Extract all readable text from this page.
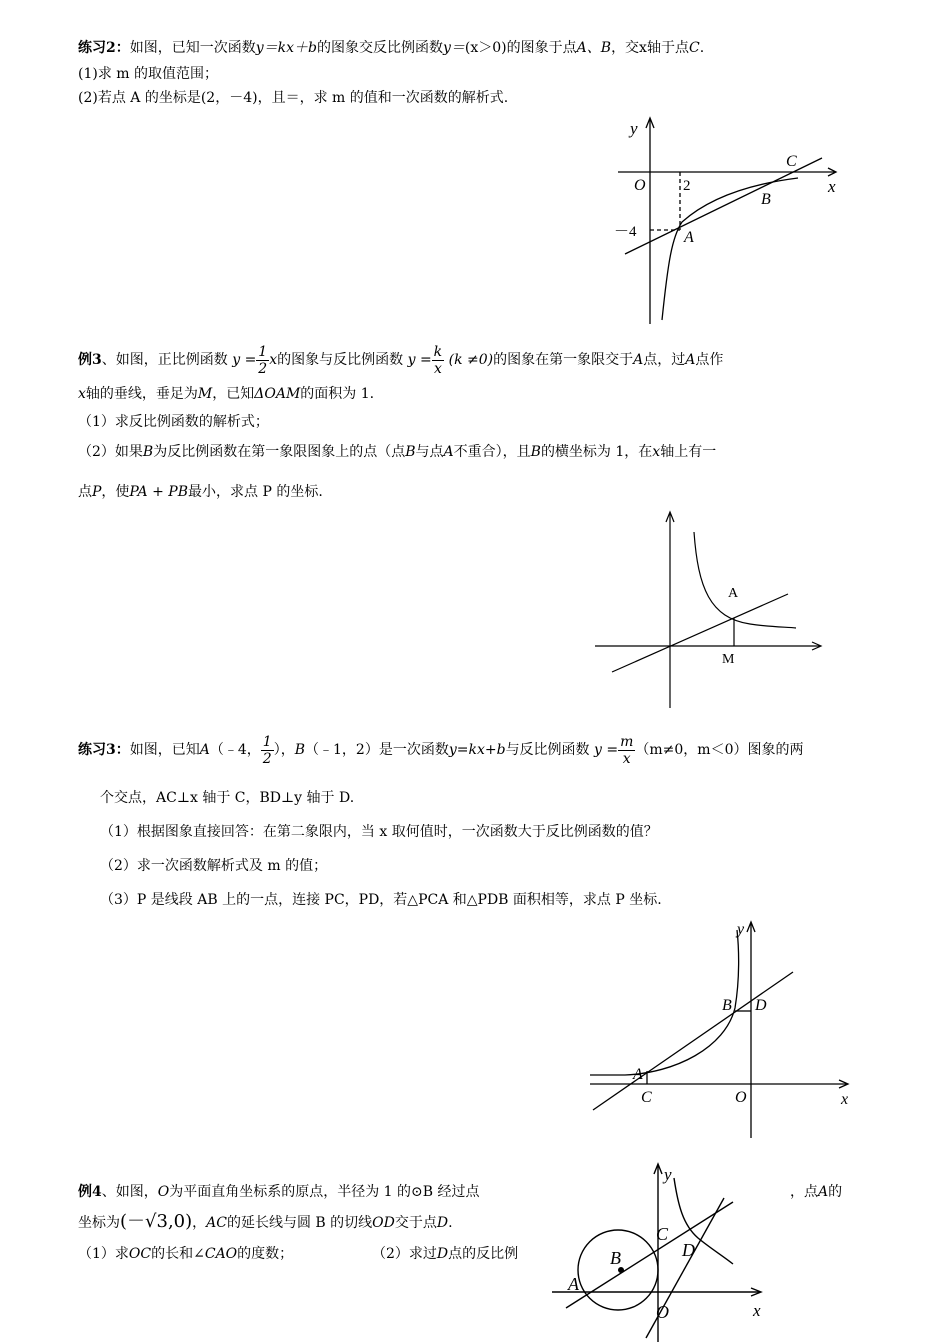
练习2：如图，已知一次函数y＝kx＋b的图象交反比例函数y＝(x＞0)的图象于点A、B，交x轴于点C.
(1)求 m 的取值范围；
(2)若点 A 的坐标是(2，－4)，且＝，求 m 的值和一次函数的解析式.
y
x
O 2
－4
C
B
A
例3、如图，正比例函数 $y = \frac{1}{2}$ x的图象与反比例函数 $y = \frac{k}{x} (k \ne 0)$的图象在第一象限交于A点，过A点作
x轴的垂线，垂足为M，已知ΔOAM的面积为 1.
（1）求反比例函数的解析式；
（2）如果B为反比例函数在第一象限图象上的点（点B与点A不重合），且B的横坐标为 1，在x轴上有一
点P，使PA + PB最小，求点 P 的坐标.
A
M
练习3：如图，已知A（﹣4， $\frac{1}{2}$ ），B（﹣1，2）是一次函数y=kx+b与反比例函数 $y = \frac{m}{x} (m\ne 0$，m＜0）图象的两
个交点，AC⊥x 轴于 C，BD⊥y 轴于 D.
（1）根据图象直接回答：在第二象限内，当 x 取何值时，一次函数大于反比例函数的值？
（2）求一次函数解析式及 m 的值；
（3）P 是线段 AB 上的一点，连接 PC，PD，若△PCA 和△PDB 面积相等，求点 P 坐标.
y
x
A
B D
C	O
例4、如图，O为平面直角坐标系的原点，半径为 1 的⊙B 经过点	，点A的
坐标为(－√3,0)，AC的延长线与圆 B 的切线OD交于点D.
（1）求OC的长和∠CAO的度数；	（2）求过D点的反比例
y
x
A
B
C
D
O
